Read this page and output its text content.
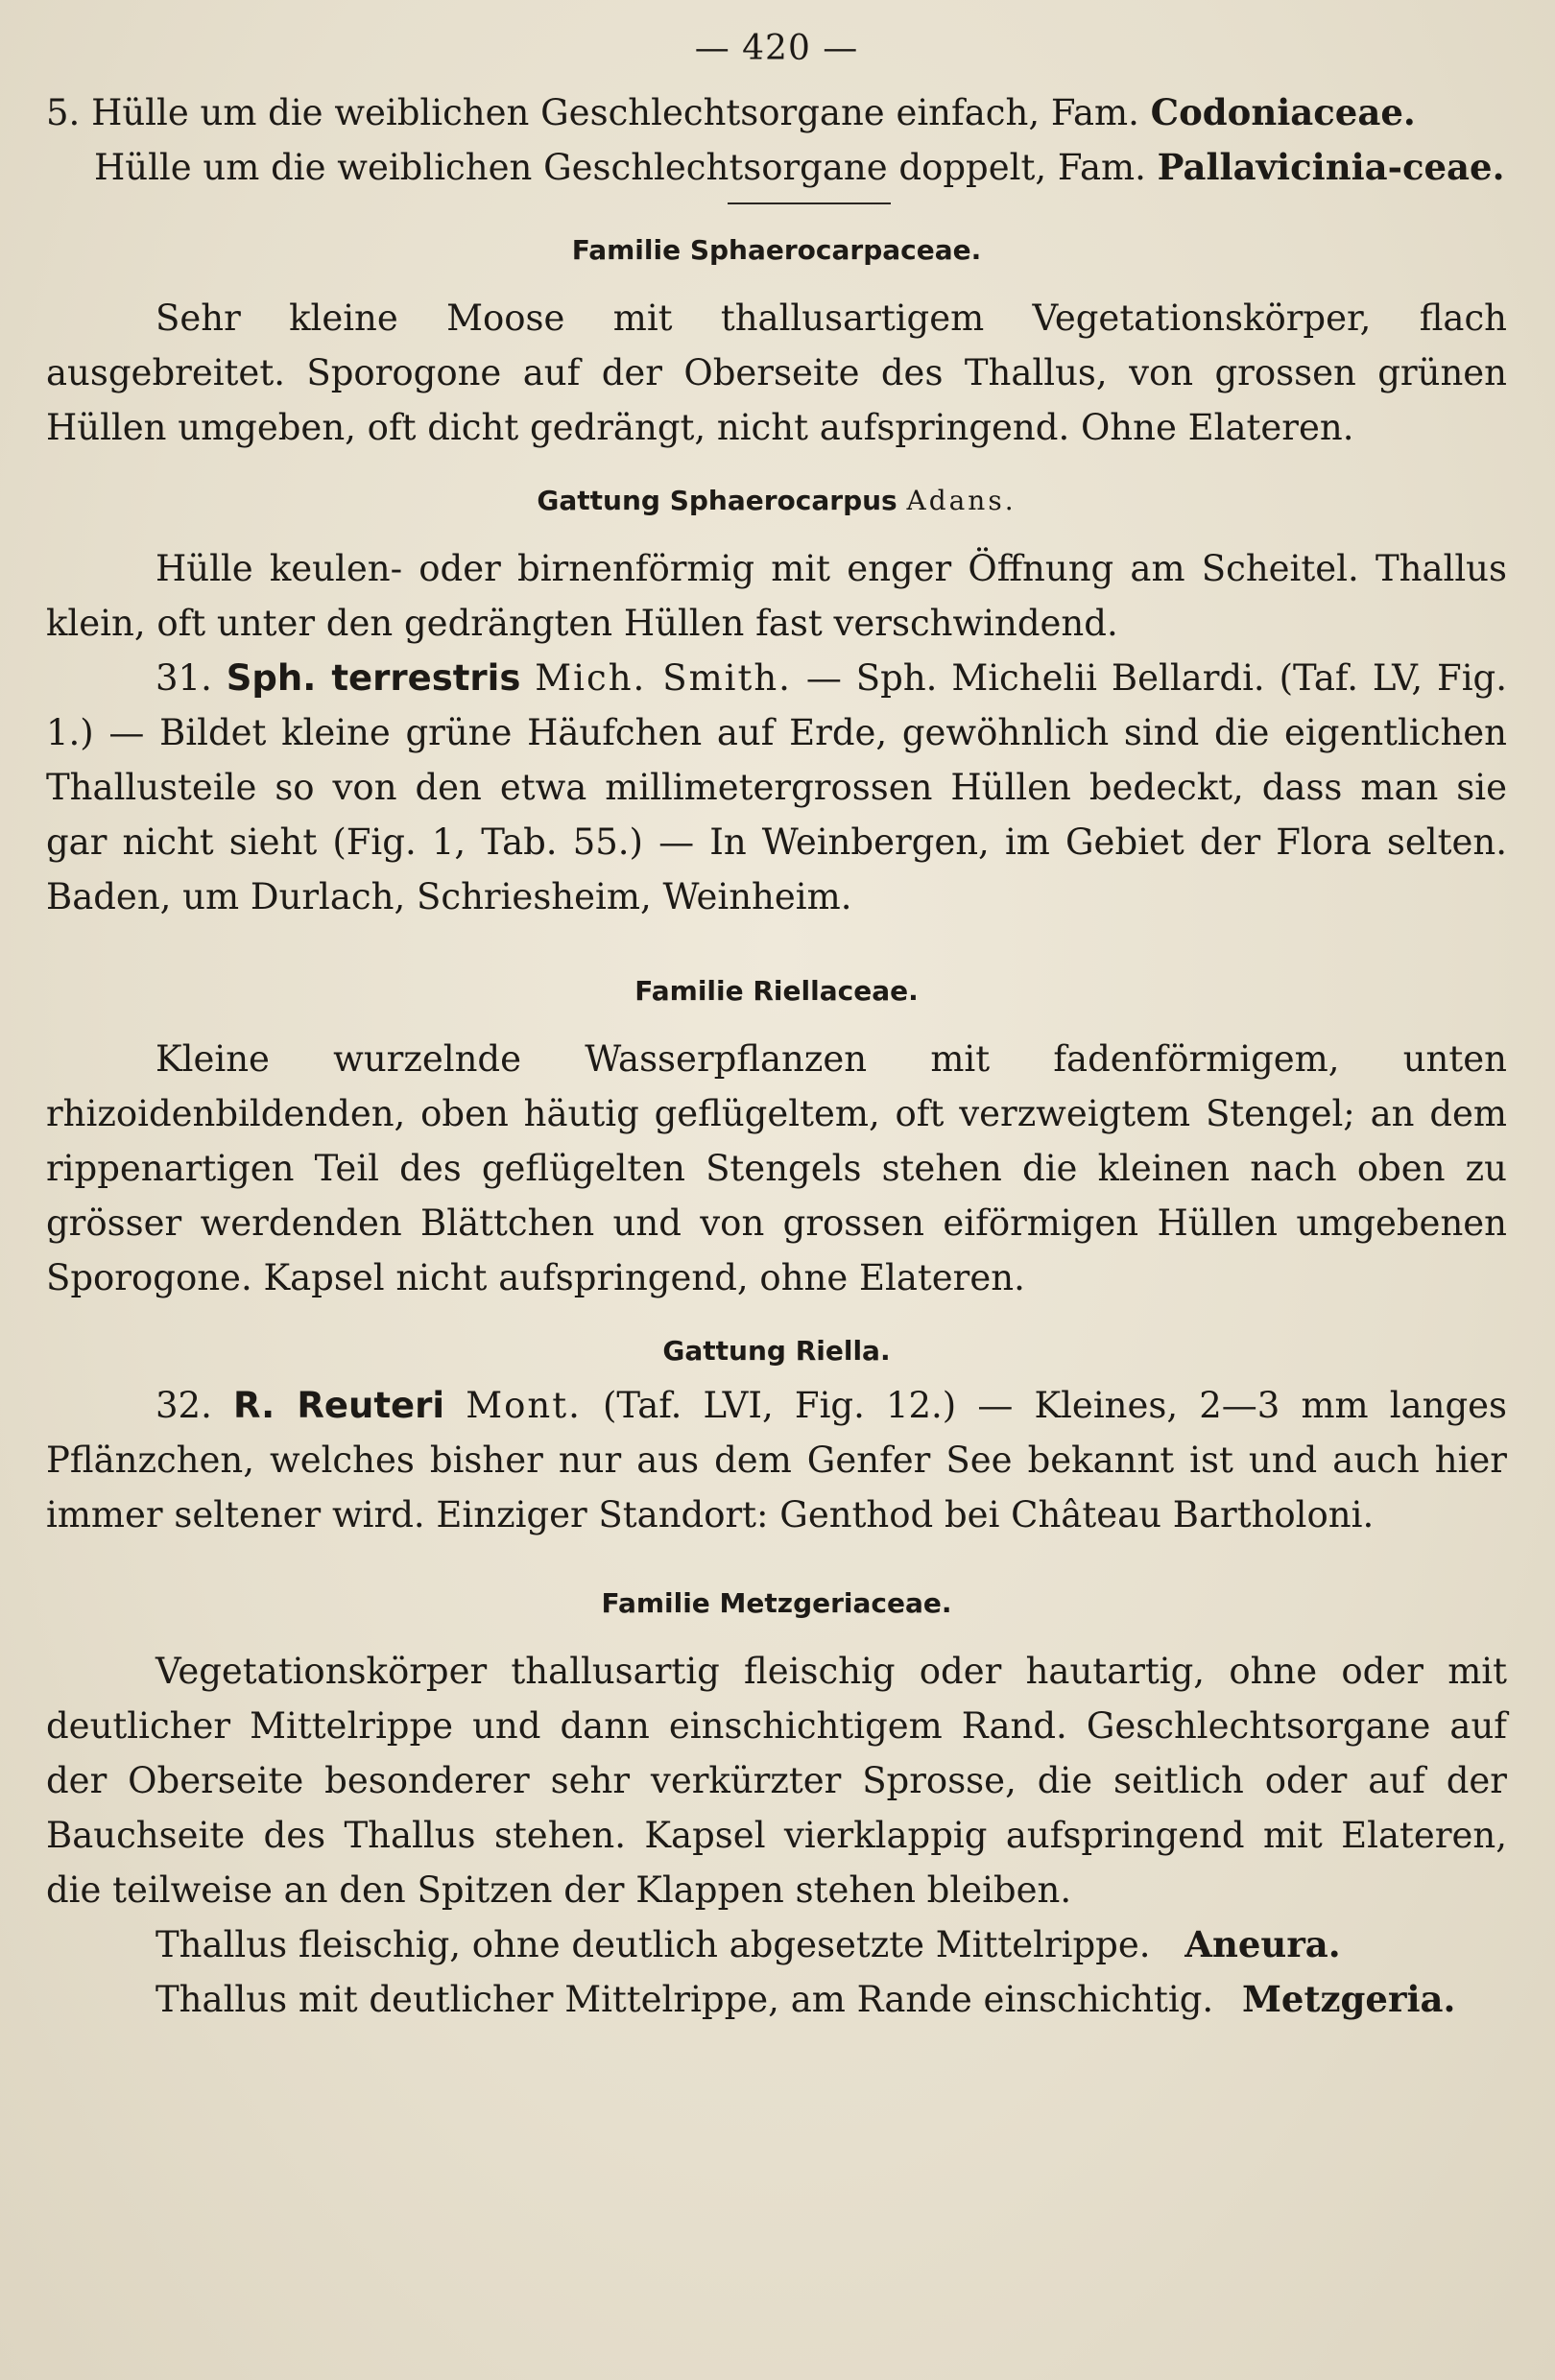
— 420 —

5. Hülle um die weiblichen Geschlechtsorgane einfach, Fam. Codoniaceae.
Hülle um die weiblichen Geschlechtsorgane doppelt, Fam. Pallavicinia-ceae.

Familie Sphaerocarpaceae.

Sehr kleine Moose mit thallusartigem Vegetationskörper, flach ausgebreitet. Sporogone auf der Oberseite des Thallus, von grossen grünen Hüllen umgeben, oft dicht gedrängt, nicht aufspringend. Ohne Elateren.

Gattung Sphaerocarpus Adans.

Hülle keulen- oder birnenförmig mit enger Öffnung am Scheitel. Thallus klein, oft unter den gedrängten Hüllen fast verschwindend.

31. Sph. terrestris Mich. Smith. — Sph. Michelii Bellardi. (Taf. LV, Fig. 1.) — Bildet kleine grüne Häufchen auf Erde, gewöhnlich sind die eigentlichen Thallusteile so von den etwa millimetergrossen Hüllen bedeckt, dass man sie gar nicht sieht (Fig. 1, Tab. 55.) — In Weinbergen, im Gebiet der Flora selten. Baden, um Durlach, Schriesheim, Weinheim.

Familie Riellaceae.

Kleine wurzelnde Wasserpflanzen mit fadenförmigem, unten rhizoidenbildenden, oben häutig geflügeltem, oft verzweigtem Stengel; an dem rippenartigen Teil des geflügelten Stengels stehen die kleinen nach oben zu grösser werdenden Blättchen und von grossen eiförmigen Hüllen umgebenen Sporogone. Kapsel nicht aufspringend, ohne Elateren.

Gattung Riella.

32. R. Reuteri Mont. (Taf. LVI, Fig. 12.) — Kleines, 2—3 mm langes Pflänzchen, welches bisher nur aus dem Genfer See bekannt ist und auch hier immer seltener wird. Einziger Standort: Genthod bei Château Bartholoni.

Familie Metzgeriaceae.

Vegetationskörper thallusartig fleischig oder hautartig, ohne oder mit deutlicher Mittelrippe und dann einschichtigem Rand. Geschlechtsorgane auf der Oberseite besonderer sehr verkürzter Sprosse, die seitlich oder auf der Bauchseite des Thallus stehen. Kapsel vierklappig aufspringend mit Elateren, die teilweise an den Spitzen der Klappen stehen bleiben.

Thallus fleischig, ohne deutlich abgesetzte Mittelrippe. Aneura.

Thallus mit deutlicher Mittelrippe, am Rande einschichtig. Metzgeria.
